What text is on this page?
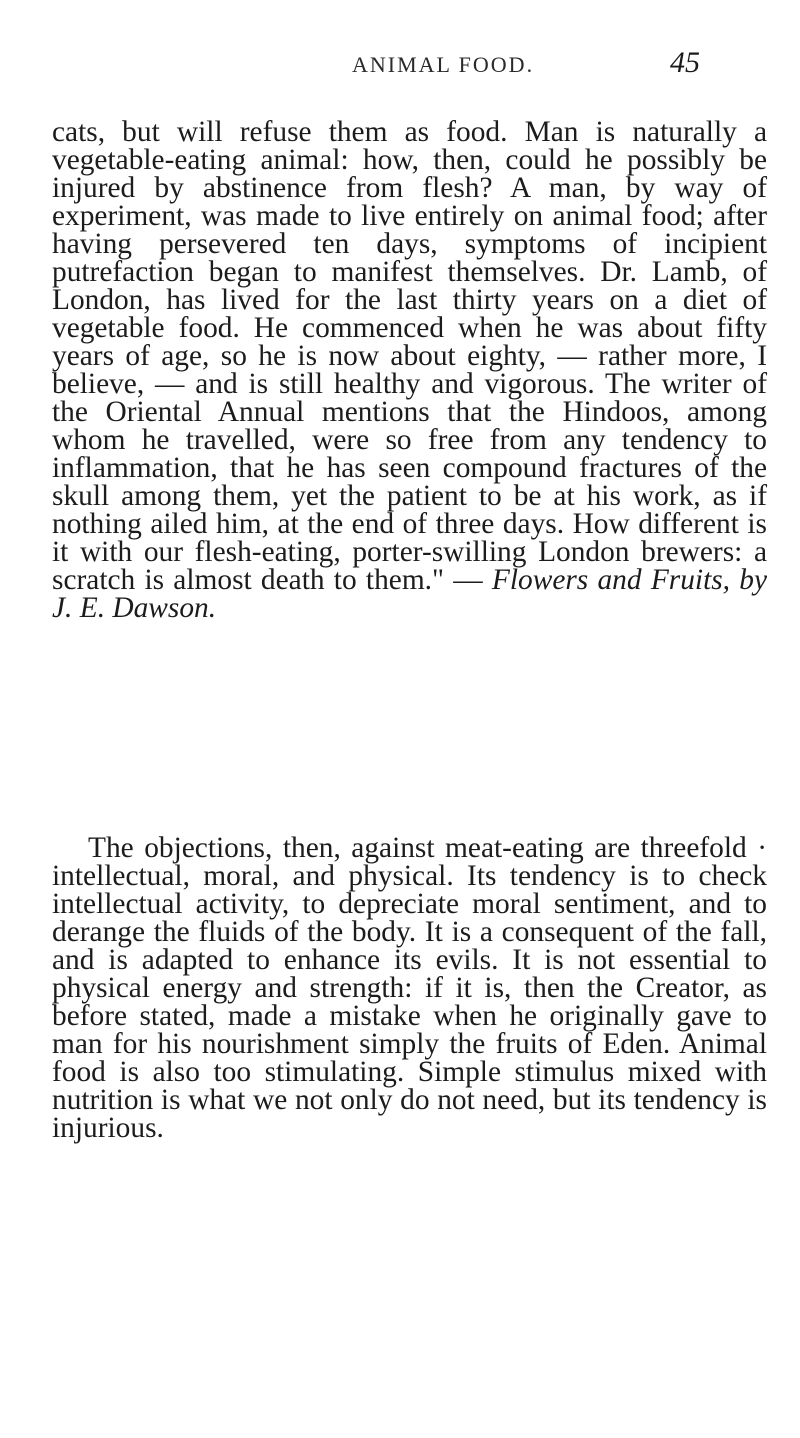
ANIMAL FOOD.	45

cats, but will refuse them as food. Man is naturally a vegetable-eating animal: how, then, could he possibly be injured by abstinence from flesh? A man, by way of experiment, was made to live entirely on animal food; after having persevered ten days, symptoms of incipient putrefaction began to manifest themselves. Dr. Lamb, of London, has lived for the last thirty years on a diet of vegetable food. He commenced when he was about fifty years of age, so he is now about eighty, — rather more, I believe, — and is still healthy and vigorous. The writer of the Oriental Annual mentions that the Hindoos, among whom he travelled, were so free from any tendency to inflammation, that he has seen compound fractures of the skull among them, yet the patient to be at his work, as if nothing ailed him, at the end of three days. How different is it with our flesh-eating, porter-swilling London brewers: a scratch is almost death to them." — Flowers and Fruits, by J. E. Dawson.

The objections, then, against meat-eating are threefold · intellectual, moral, and physical. Its tendency is to check intellectual activity, to depreciate moral sentiment, and to derange the fluids of the body. It is a consequent of the fall, and is adapted to enhance its evils. It is not essential to physical energy and strength: if it is, then the Creator, as before stated, made a mistake when he originally gave to man for his nourishment simply the fruits of Eden. Animal food is also too stimulating. Simple stimulus mixed with nutrition is what we not only do not need, but its tendency is injurious.
